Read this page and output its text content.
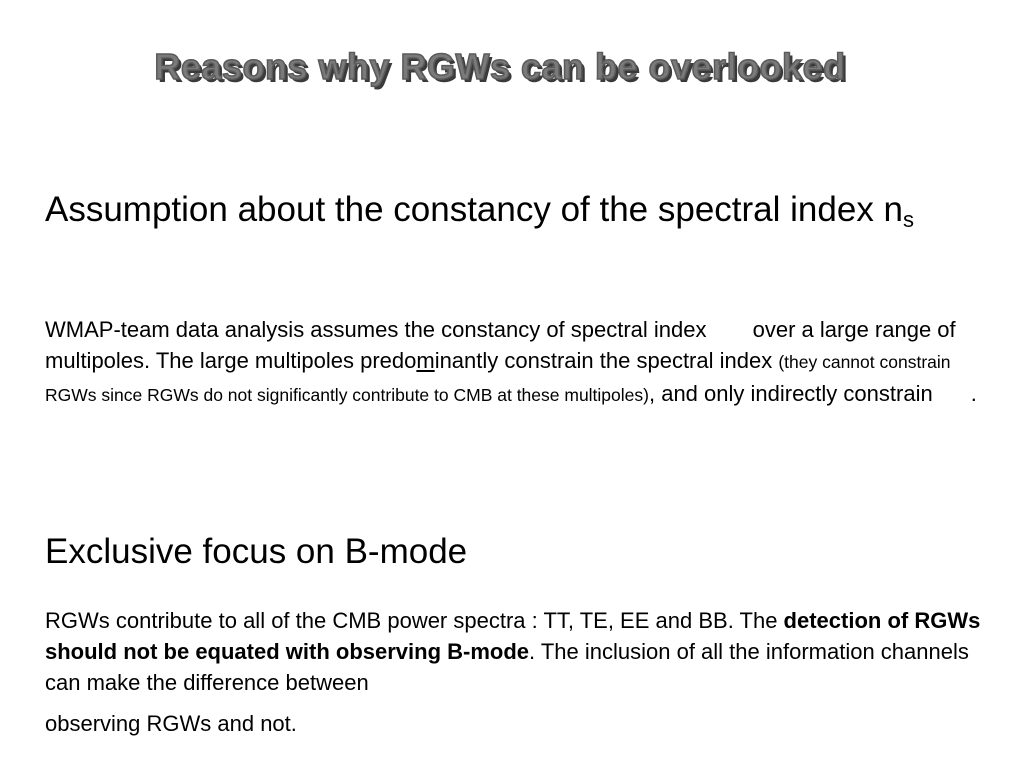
Reasons why RGWs can be overlooked
Assumption about the constancy of the spectral index $n_s$

WMAP-team data analysis assumes the constancy of spectral index over a large range of multipoles. The large multipoles predominantly constrain the spectral index (they cannot constrain RGWs since RGWs do not significantly contribute to CMB at these multipoles), and only indirectly constrain .

Exclusive focus on B-mode

RGWs contribute to all of the CMB power spectra : TT, TE, EE and BB. The detection of RGWs should not be equated with observing B-mode. The inclusion of all the information channels can make the difference between
observing RGWs and not.
